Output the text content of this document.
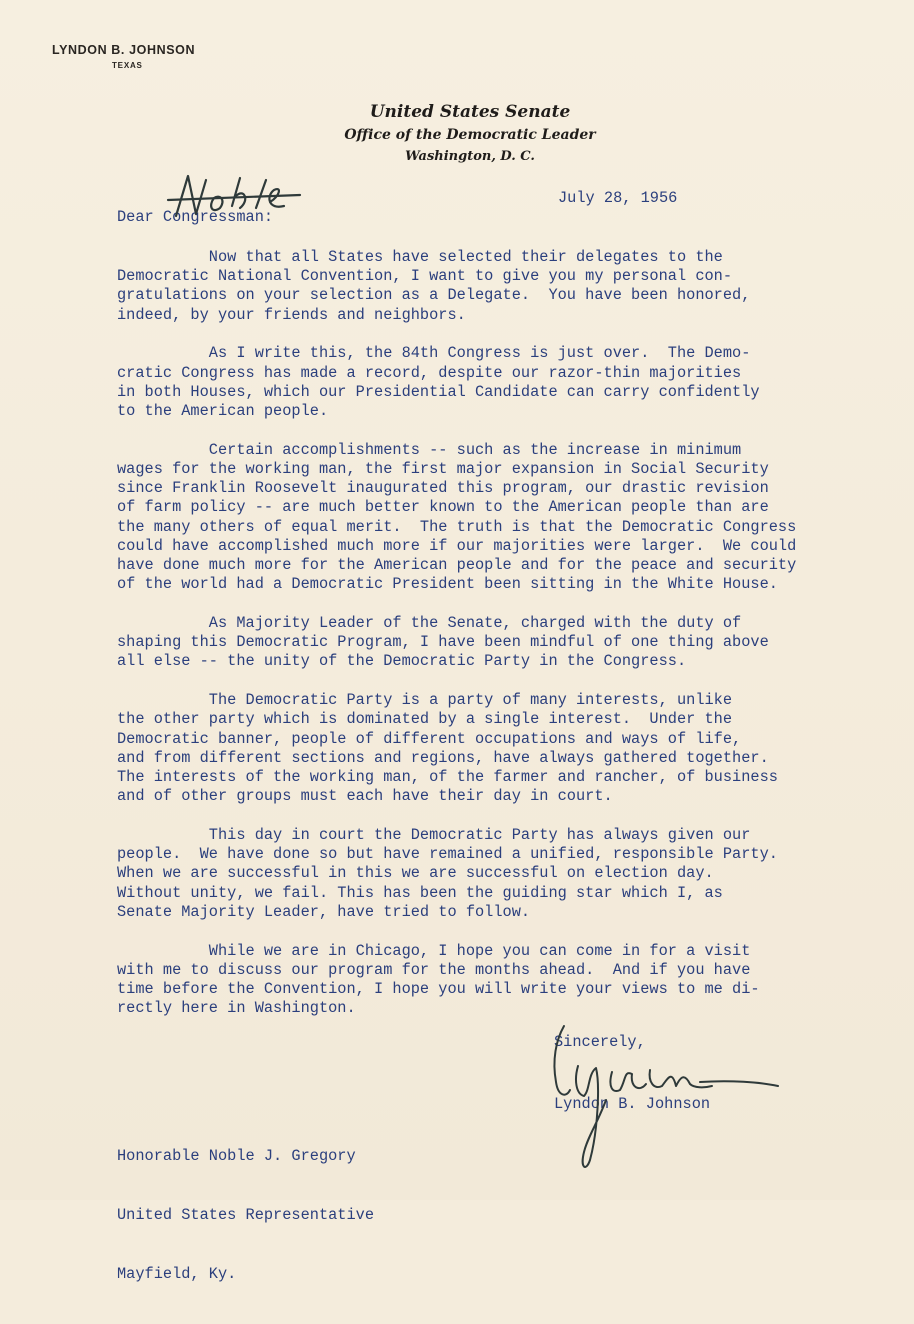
LYNDON B. JOHNSON
TEXAS
United States Senate
Office of the Democratic Leader
Washington, D. C.
July 28, 1956
Dear Congressman:
Now that all States have selected their delegates to the
Democratic National Convention, I want to give you my personal con-
gratulations on your selection as a Delegate.  You have been honored,
indeed, by your friends and neighbors.
As I write this, the 84th Congress is just over.  The Demo-
cratic Congress has made a record, despite our razor-thin majorities
in both Houses, which our Presidential Candidate can carry confidently
to the American people.
Certain accomplishments -- such as the increase in minimum
wages for the working man, the first major expansion in Social Security
since Franklin Roosevelt inaugurated this program, our drastic revision
of farm policy -- are much better known to the American people than are
the many others of equal merit.  The truth is that the Democratic Congress
could have accomplished much more if our majorities were larger.  We could
have done much more for the American people and for the peace and security
of the world had a Democratic President been sitting in the White House.
As Majority Leader of the Senate, charged with the duty of
shaping this Democratic Program, I have been mindful of one thing above
all else -- the unity of the Democratic Party in the Congress.
The Democratic Party is a party of many interests, unlike
the other party which is dominated by a single interest.  Under the
Democratic banner, people of different occupations and ways of life,
and from different sections and regions, have always gathered together.
The interests of the working man, of the farmer and rancher, of business
and of other groups must each have their day in court.
This day in court the Democratic Party has always given our
people.  We have done so but have remained a unified, responsible Party.
When we are successful in this we are successful on election day.
Without unity, we fail. This has been the guiding star which I, as
Senate Majority Leader, have tried to follow.
While we are in Chicago, I hope you can come in for a visit
with me to discuss our program for the months ahead.  And if you have
time before the Convention, I hope you will write your views to me di-
rectly here in Washington.
Sincerely,
Lyndon B. Johnson

Honorable Noble J. Gregory

United States Representative

Mayfield, Ky.
